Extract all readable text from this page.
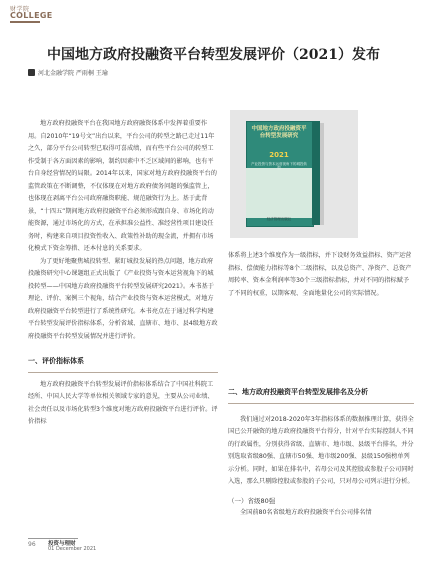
财学院
COLLEGE
中国地方政府投融资平台转型发展评价（2021）发布
河北金融学院 严雨桐 王瑜

地方政府投融资平台在我国地方政府融资体系中发挥着重要作用。自2010年“19号文”出台以来，平台公司的转型之路已走过11年之久，部分平台公司转型已取得可喜成绩，而有些平台公司的转型工作受制于各方面因素的影响，制约因素中不乏区域间的影响，也有平台自身经营情况的局限。2014年以来，国家对地方政府投融资平台的监管政策在不断调整，不仅体现在对地方政府债务问题的强监管上，也体现在剥离平台公司政府融资职能、规范融资行为上。基于此背景，“十四五”期间地方政府投融资平台必须形成跟自身、市场化的动能资源，通过市场化的方式，在承担准公益性、准经营性项目建设任务时，构建来自项目投资性收入、政策性补助的现金流，并拥有市场化模式下资金筹措、还本付息的关系要求。

为了更好地聚焦城投转型、紧盯城投发展的热点问题，地方政府投融资研究中心课题组正式出版了《产业投资与资本运营视角下的城投转型——中国地方政府投融资平台转型发展研究2021》。本书基于理论、评价、案例三个视角，结合产业投资与资本运营模式，对地方政府投融资平台转型进行了系统性研究。本书亮点在于通过科学构建平台转型发展评价指标体系，分析省域、直辖市、地市、县4级地方政府投融资平台转型发展情况并进行评价。

一、评价指标体系

地方政府投融资平台转型发展评价指标体系结合了中国社科院工经所、中国人民大学等单位相关领域专家的意见，主要从公司业绩、社会责任以及市场化转型3个维度对地方政府投融资平台进行评价。评价指标

中国地方政府投融资平台转型发展研究
2021
产业投资与资本运营视角下的城投转型
经济管理出版社

体系将上述3个维度作为一级指标，并下设财务效益指标、资产运营指标、偿债能力指标等8个二级指标，以及总资产、净资产、总资产周转率、资本金利润率等30个三级指标指标，并对不同的指标赋予了不同的权重，以期客观、全面地量化公司的实际情况。

二、地方政府投融资平台转型发展排名及分析

我们通过对2018-2020年3年指标体系的数据推理计算，获得全国已公开融资的地方政府投融资平台得分，针对平台实际控制人不同的行政属性，分别获得省级、直辖市、地市级、县级平台排名，并分别选取省级80强、直辖市50强、地市级200强、县级150强榜单列示分析。同时，如果在排名中，若母公司及其控股或参股子公司同时入选，那么只剔除控股或参股的子公司，只对母公司列示进行分析。

（一）省级80强

全国前80名省级地方政府投融资平台公司排名情

96 投资与理财
01 December 2021
